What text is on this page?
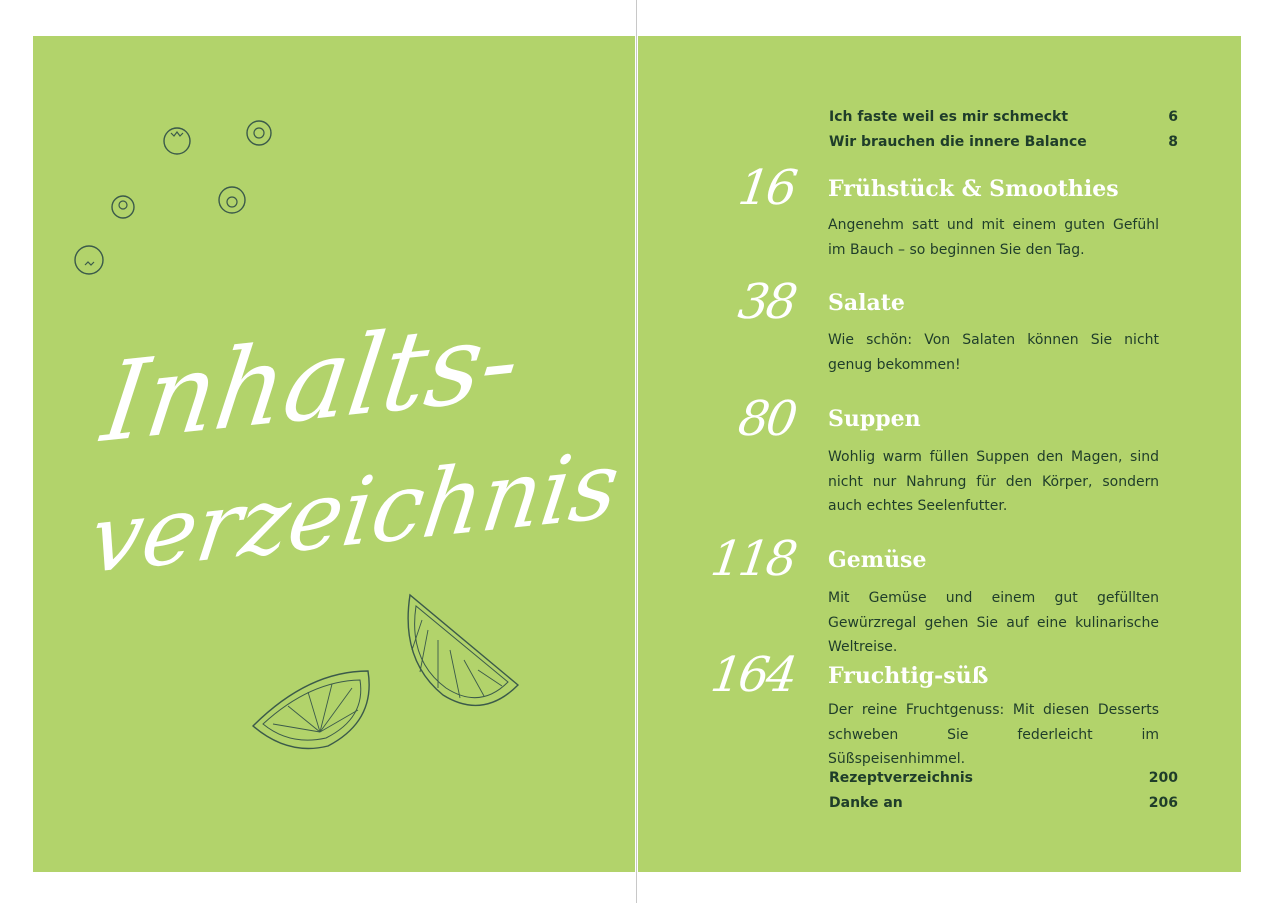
Inhalts-
verzeichnis
Ich faste weil es mir schmeckt	6
Wir brauchen die innere Balance	8
16 Frühstück & Smoothies
Angenehm satt und mit einem guten Gefühl im Bauch – so beginnen Sie den Tag.
38 Salate
Wie schön: Von Salaten können Sie nicht genug bekommen!
80 Suppen
Wohlig warm füllen Suppen den Magen, sind nicht nur Nahrung für den Körper, sondern auch echtes Seelenfutter.
118 Gemüse
Mit Gemüse und einem gut gefüllten Gewürzregal gehen Sie auf eine kulinarische Weltreise.
164 Fruchtig-süß
Der reine Fruchtgenuss: Mit diesen Desserts schweben Sie federleicht im Süßspeisenhimmel.
Rezeptverzeichnis	200
Danke an	206
